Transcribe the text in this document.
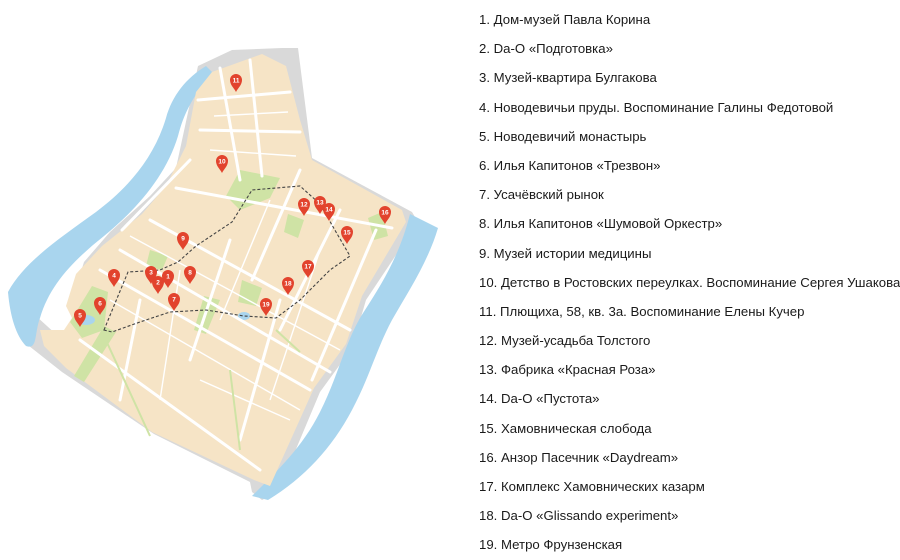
1
2
3
4
5
6
7
8
9
10
11
12 13
14
15
16
17
18
19
1. Дом-музей Павла Корина
2. Da-O «Подготовка»
3. Музей-квартира Булгакова
4. Новодевичьи пруды. Воспоминание Галины Федотовой
5. Новодевичий монастырь
6. Илья Капитонов «Трезвон»
7. Усачёвский рынок
8. Илья Капитонов «Шумовой Оркестр»
9. Музей истории медицины
10. Детство в Ростовских переулках. Воспоминание Сергея Ушакова
11. Плющиха, 58, кв. 3а. Воспоминание Елены Кучер
12. Музей-усадьба Толстого
13. Фабрика «Красная Роза»
14. Da-O «Пустота»
15. Хамовническая слобода
16. Анзор Пасечник «Daydream»
17. Комплекс Хамовнических казарм
18. Da-O «Glissando experiment»
19. Метро Фрунзенская
